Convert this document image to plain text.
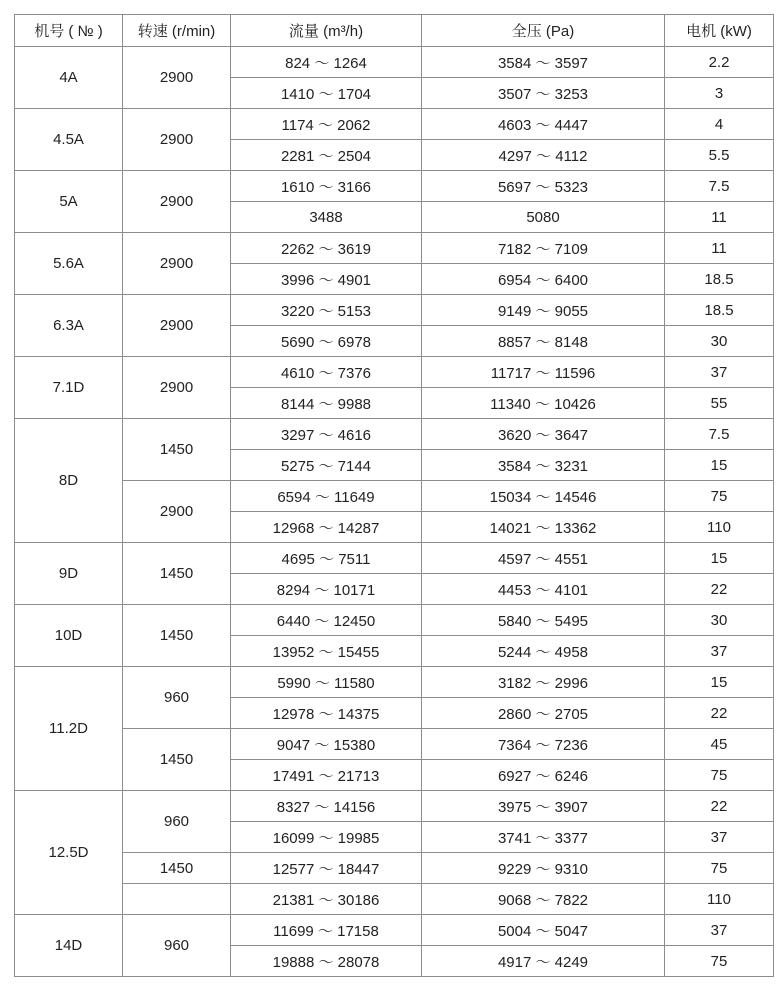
机号 ( № )	转速 (r/min)	流量 (m³/h)	全压 (Pa)	电机 (kW)
4A	2900	824 ～ 1264	3584 ～ 3597	2.2
		1410 ～ 1704	3507 ～ 3253	3
4.5A	2900	1174 ～ 2062	4603 ～ 4447	4
		2281 ～ 2504	4297 ～ 4112	5.5
5A	2900	1610 ～ 3166	5697 ～ 5323	7.5
		3488	5080	11
5.6A	2900	2262 ～ 3619	7182 ～ 7109	11
		3996 ～ 4901	6954 ～ 6400	18.5
6.3A	2900	3220 ～ 5153	9149 ～ 9055	18.5
		5690 ～ 6978	8857 ～ 8148	30
7.1D	2900	4610 ～ 7376	11717 ～ 11596	37
		8144 ～ 9988	11340 ～ 10426	55
8D	1450	3297 ～ 4616	3620 ～ 3647	7.5
		5275 ～ 7144	3584 ～ 3231	15
	2900	6594 ～ 11649	15034 ～ 14546	75
		12968 ～ 14287	14021 ～ 13362	110
9D	1450	4695 ～ 7511	4597 ～ 4551	15
		8294 ～ 10171	4453 ～ 4101	22
10D	1450	6440 ～ 12450	5840 ～ 5495	30
		13952 ～ 15455	5244 ～ 4958	37
11.2D	960	5990 ～ 11580	3182 ～ 2996	15
		12978 ～ 14375	2860 ～ 2705	22
	1450	9047 ～ 15380	7364 ～ 7236	45
		17491 ～ 21713	6927 ～ 6246	75
12.5D	960	8327 ～ 14156	3975 ～ 3907	22
		16099 ～ 19985	3741 ～ 3377	37
	1450	12577 ～ 18447	9229 ～ 9310	75
		21381 ～ 30186	9068 ～ 7822	110
14D	960	11699 ～ 17158	5004 ～ 5047	37
		19888 ～ 28078	4917 ～ 4249	75
